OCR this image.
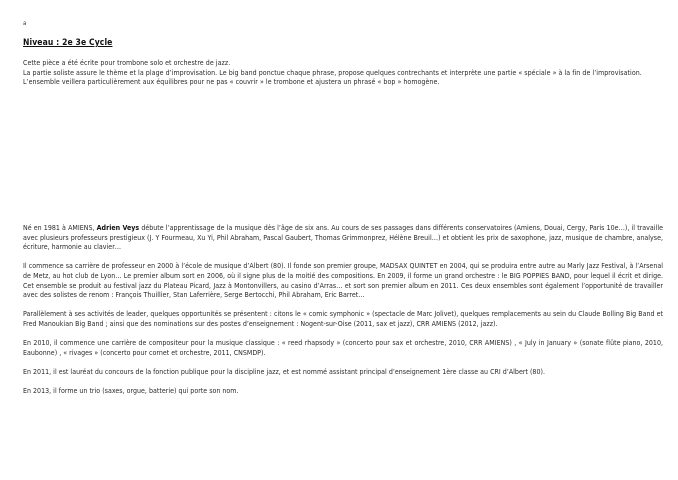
a
Niveau : 2e 3e Cycle

Cette pièce a été écrite pour trombone solo et orchestre de jazz.

La partie soliste assure le thème et la plage d’improvisation. Le big band ponctue chaque phrase, propose quelques contrechants et interprète une partie « spéciale » à la fin de l’improvisation.

L’ensemble veillera particulièrement aux équilibres pour ne pas « couvrir » le trombone et ajustera un phrasé « bop » homogène.

Né en 1981 à AMIENS, Adrien Veys débute l’apprentissage de la musique dès l’âge de six ans. Au cours de ses passages dans différents conservatoires (Amiens, Douai, Cergy, Paris 10e…), il travaille avec plusieurs professeurs prestigieux (J. Y Fourmeau, Xu Yi, Phil Abraham, Pascal Gaubert, Thomas Grimmonprez, Hélène Breuil…) et obtient les prix de saxophone, jazz, musique de chambre, analyse, écriture, harmonie au clavier…

Il commence sa carrière de professeur en 2000 à l’école de musique d’Albert (80). Il fonde son premier groupe, MADSAX QUINTET en 2004, qui se produira entre autre au Marly Jazz Festival, à l’Arsenal de Metz, au hot club de Lyon… Le premier album sort en 2006, où il signe plus de la moitié des compositions. En 2009, il forme un grand orchestre : le BIG POPPIES BAND, pour lequel il écrit et dirige. Cet ensemble se produit au festival jazz du Plateau Picard, Jazz à Montonvillers, au casino d’Arras… et sort son premier album en 2011. Ces deux ensembles sont également l’opportunité de travailler avec des solistes de renom : François Thuillier, Stan Laferrière, Serge Bertocchi, Phil Abraham, Eric Barret…

Parallèlement à ses activités de leader, quelques opportunités se présentent : citons le « comic symphonic » (spectacle de Marc Jolivet), quelques remplacements au sein du Claude Bolling Big Band et Fred Manoukian Big Band ; ainsi que des nominations sur des postes d’enseignement : Nogent-sur-Oise (2011, sax et jazz), CRR AMIENS (2012, jazz).

En 2010, il commence une carrière de compositeur pour la musique classique : « reed rhapsody » (concerto pour sax et orchestre, 2010, CRR AMIENS) , « July in January » (sonate flûte piano, 2010, Eaubonne) , « rivages » (concerto pour cornet et orchestre, 2011, CNSMDP).

En 2011, il est lauréat du concours de la fonction publique pour la discipline jazz, et est nommé assistant principal d’enseignement 1ère classe au CRI d’Albert (80).

En 2013, il forme un trio (saxes, orgue, batterie) qui porte son nom.
